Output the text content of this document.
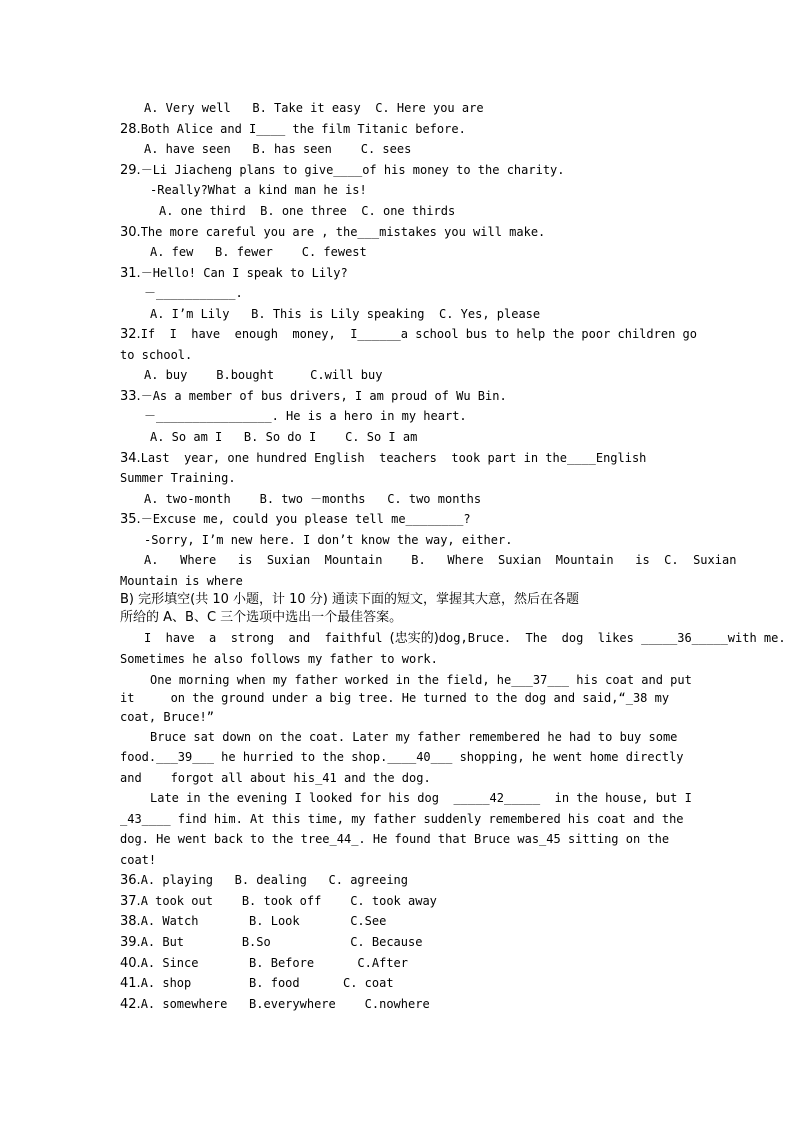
A. Very well   B. Take it easy  C. Here you are
28.Both Alice and I____ the film Titanic before.
A. have seen   B. has seen    C. sees
29.－Li Jiacheng plans to give____of his money to the charity.
-Really?What a kind man he is!
A. one third  B. one three  C. one thirds
30.The more careful you are , the___mistakes you will make.
A. few   B. fewer    C. fewest
31.－Hello! Can I speak to Lily?
－___________.
A. I’m Lily   B. This is Lily speaking  C. Yes, please
32.If  I  have  enough  money,  I______a school bus to help the poor children go
to school.
A. buy    B.bought     C.will buy
33.－As a member of bus drivers, I am proud of Wu Bin.
－________________. He is a hero in my heart.
A. So am I   B. So do I    C. So I am
34.Last  year, one hundred English  teachers  took part in the____English
Summer Training.
A. two-month    B. two －months   C. two months
35.－Excuse me, could you please tell me________?
-Sorry, I’m new here. I don’t know the way, either.
A.   Where   is  Suxian  Mountain    B.   Where  Suxian  Mountain   is  C.  Suxian
Mountain is where
B) 完形填空(共 10 小题，计 10 分) 通读下面的短文，掌握其大意，然后在各题
所给的 A、B、C 三个选项中选出一个最佳答案。
I  have  a  strong  and  faithful (忠实的)dog,Bruce.  The  dog  likes _____36_____with me.
Sometimes he also follows my father to work.
One morning when my father worked in the field, he___37___ his coat and put
it     on the ground under a big tree. He turned to the dog and said,“_38 my
coat, Bruce!”
Bruce sat down on the coat. Later my father remembered he had to buy some
food.___39___ he hurried to the shop.____40___ shopping, he went home directly
and    forgot all about his_41 and the dog.
Late in the evening I looked for his dog  _____42_____  in the house, but I
_43____ find him. At this time, my father suddenly remembered his coat and the
dog. He went back to the tree_44_. He found that Bruce was_45 sitting on the
coat!
36.A. playing   B. dealing   C. agreeing
37.A took out    B. took off    C. took away
38.A. Watch       B. Look       C.See
39.A. But        B.So           C. Because
40.A. Since       B. Before      C.After
41.A. shop        B. food      C. coat
42.A. somewhere   B.everywhere    C.nowhere
